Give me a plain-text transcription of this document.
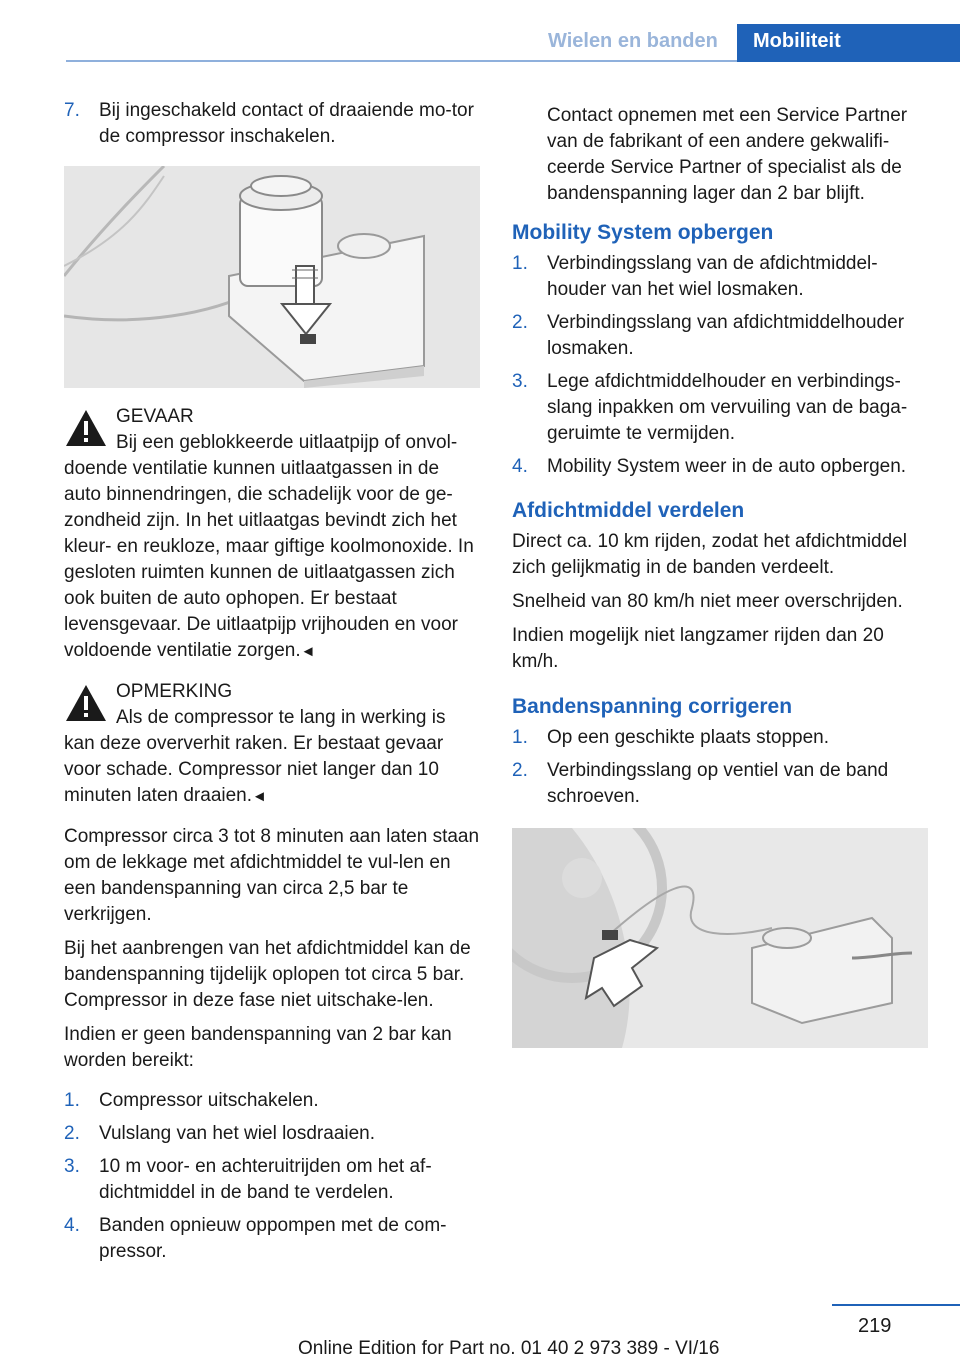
Wielen en banden Mobiliteit
7. Bij ingeschakeld contact of draaiende mo‐tor de compressor inschakelen.
GEVAAR
Bij een geblokkeerde uitlaatpijp of onvol‐
doende ventilatie kunnen uitlaatgassen in de auto binnendringen, die schadelijk voor de ge‐zondheid zijn. In het uitlaatgas bevindt zich het kleur- en reukloze, maar giftige koolmonoxide. In gesloten ruimten kunnen de uitlaatgassen zich ook buiten de auto ophopen. Er bestaat levensgevaar. De uitlaatpijp vrijhouden en voor voldoende ventilatie zorgen.◄
OPMERKING
Als de compressor te lang in werking is
kan deze oververhit raken. Er bestaat gevaar voor schade. Compressor niet langer dan 10 minuten laten draaien.◄

Compressor circa 3 tot 8 minuten aan laten staan om de lekkage met afdichtmiddel te vul‐len en een bandenspanning van circa 2,5 bar te verkrijgen.

Bij het aanbrengen van het afdichtmiddel kan de bandenspanning tijdelijk oplopen tot circa 5 bar. Compressor in deze fase niet uitschake‐len.

Indien er geen bandenspanning van 2 bar kan worden bereikt:

1. Compressor uitschakelen.
2. Vulslang van het wiel losdraaien.
3. 10 m voor- en achteruitrijden om het af‐dichtmiddel in de band te verdelen.
4. Banden opnieuw oppompen met de com‐pressor.
Contact opnemen met een Service Partner van de fabrikant of een andere gekwalifi‐ceerde Service Partner of specialist als de bandenspanning lager dan 2 bar blijft.
Mobility System opbergen
1. Verbindingsslang van de afdichtmiddel‐houder van het wiel losmaken.
2. Verbindingsslang van afdichtmiddelhouder losmaken.
3. Lege afdichtmiddelhouder en verbindings‐slang inpakken om vervuiling van de baga‐geruimte te vermijden.
4. Mobility System weer in de auto opbergen.
Afdichtmiddel verdelen

Direct ca. 10 km rijden, zodat het afdichtmiddel zich gelijkmatig in de banden verdeelt.

Snelheid van 80 km/h niet meer overschrijden.

Indien mogelijk niet langzamer rijden dan 20 km/h.

Bandenspanning corrigeren
1. Op een geschikte plaats stoppen.
2. Verbindingsslang op ventiel van de band schroeven.
219
Online Edition for Part no. 01 40 2 973 389 - VI/16
